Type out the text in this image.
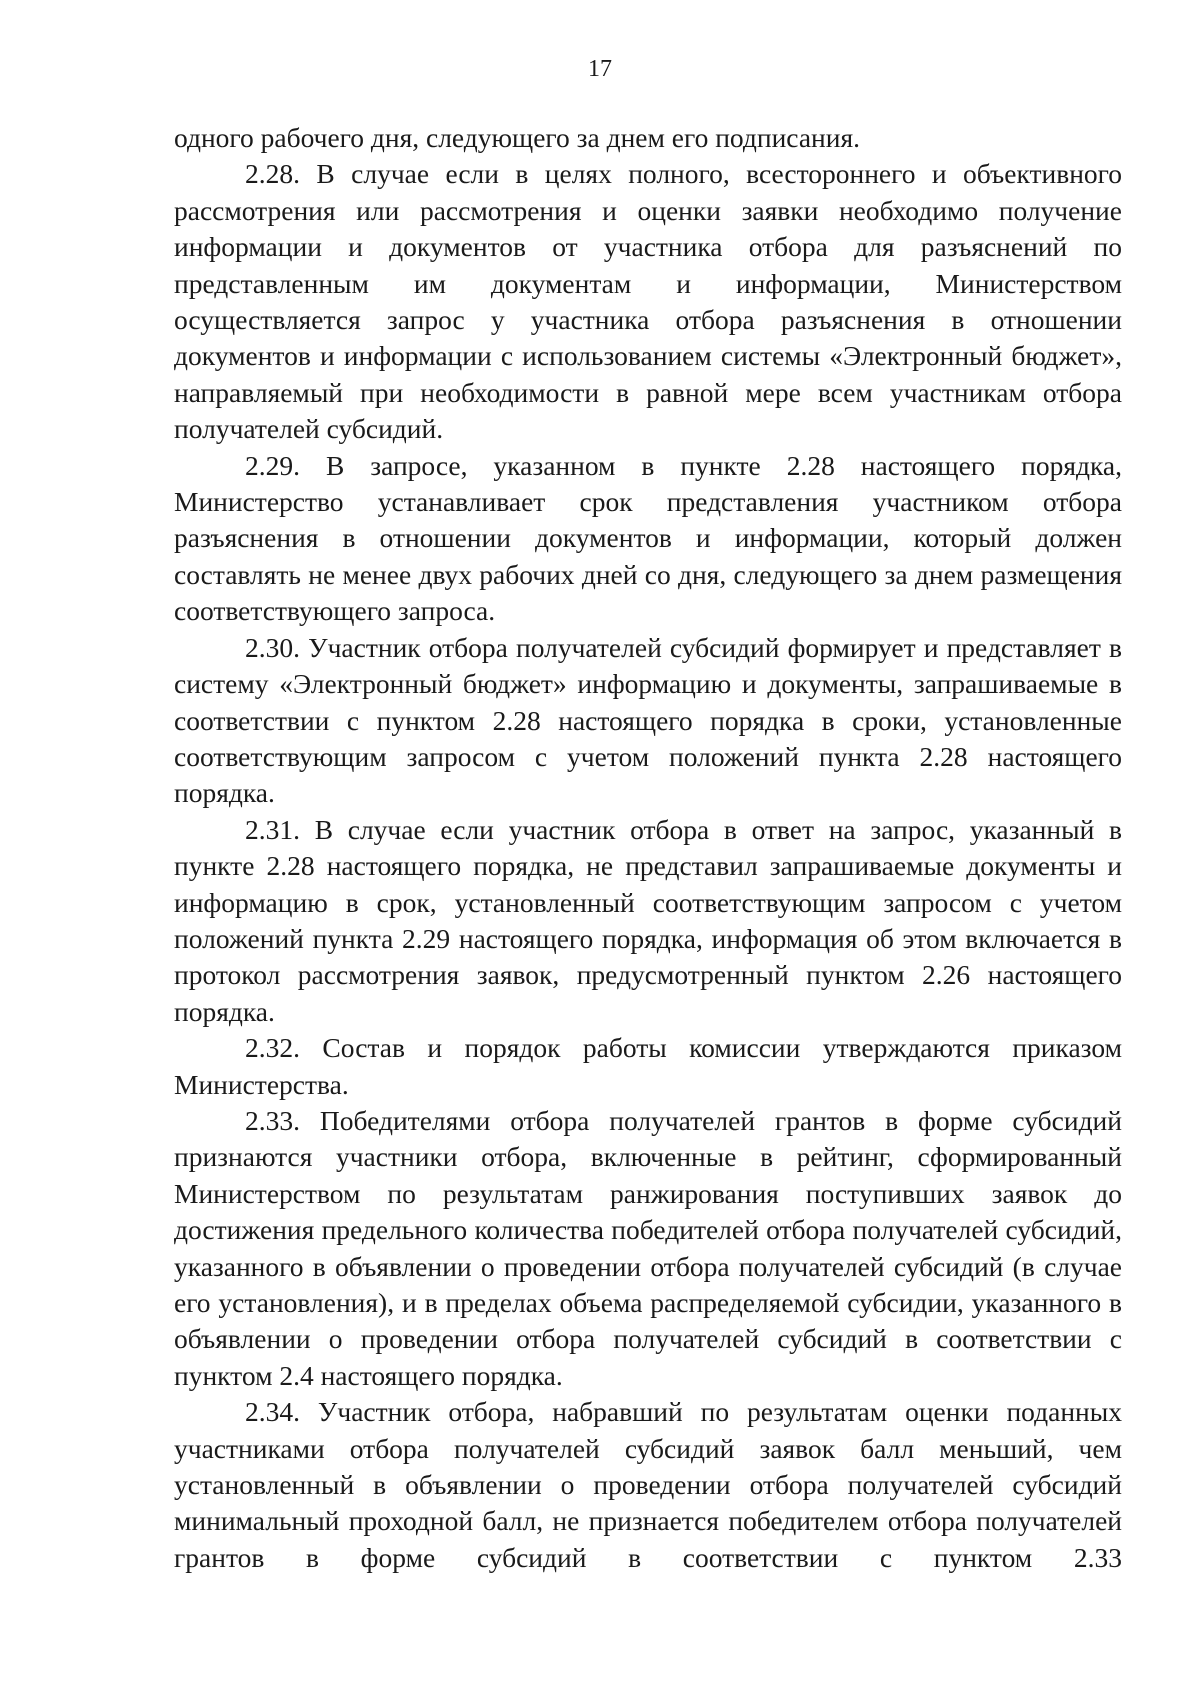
17

одного рабочего дня, следующего за днем его подписания.

2.28. В случае если в целях полного, всестороннего и объективного рассмотрения или рассмотрения и оценки заявки необходимо получение информации и документов от участника отбора для разъяснений по представленным им документам и информации, Министерством осуществляется запрос у участника отбора разъяснения в отношении документов и информации с использованием системы «Электронный бюджет», направляемый при необходимости в равной мере всем участникам отбора получателей субсидий.

2.29. В запросе, указанном в пункте 2.28 настоящего порядка, Министерство устанавливает срок представления участником отбора разъяснения в отношении документов и информации, который должен составлять не менее двух рабочих дней со дня, следующего за днем размещения соответствующего запроса.

2.30. Участник отбора получателей субсидий формирует и представляет в систему «Электронный бюджет» информацию и документы, запрашиваемые в соответствии с пунктом 2.28 настоящего порядка в сроки, установленные соответствующим запросом с учетом положений пункта 2.28 настоящего порядка.

2.31. В случае если участник отбора в ответ на запрос, указанный в пункте 2.28 настоящего порядка, не представил запрашиваемые документы и информацию в срок, установленный соответствующим запросом с учетом положений пункта 2.29 настоящего порядка, информация об этом включается в протокол рассмотрения заявок, предусмотренный пунктом 2.26 настоящего порядка.

2.32. Состав и порядок работы комиссии утверждаются приказом Министерства.

2.33. Победителями отбора получателей грантов в форме субсидий признаются участники отбора, включенные в рейтинг, сформированный Министерством по результатам ранжирования поступивших заявок до достижения предельного количества победителей отбора получателей субсидий, указанного в объявлении о проведении отбора получателей субсидий (в случае его установления), и в пределах объема распределяемой субсидии, указанного в объявлении о проведении отбора получателей субсидий в соответствии с пунктом 2.4 настоящего порядка.

2.34. Участник отбора, набравший по результатам оценки поданных участниками отбора получателей субсидий заявок балл меньший, чем установленный в объявлении о проведении отбора получателей субсидий минимальный проходной балл, не признается победителем отбора получателей грантов в форме субсидий в соответствии с пунктом 2.33
